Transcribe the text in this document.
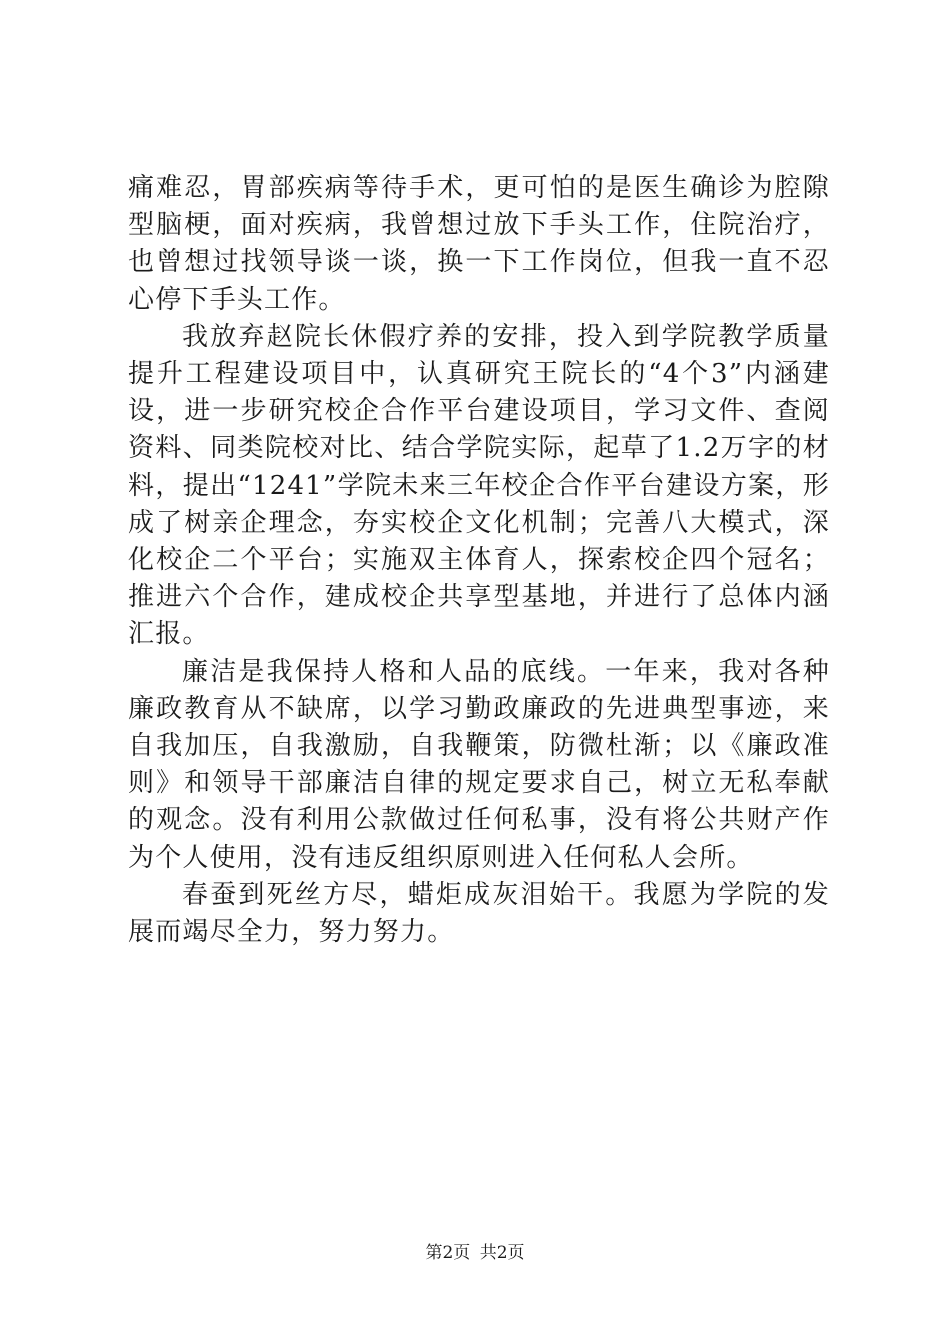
痛难忍，胃部疾病等待手术，更可怕的是医生确诊为腔隙型脑梗，面对疾病，我曾想过放下手头工作，住院治疗，也曾想过找领导谈一谈，换一下工作岗位，但我一直不忍心停下手头工作。

我放弃赵院长休假疗养的安排，投入到学院教学质量提升工程建设项目中，认真研究王院长的“4个3”内涵建设，进一步研究校企合作平台建设项目，学习文件、查阅资料、同类院校对比、结合学院实际，起草了1.2万字的材料，提出“1241”学院未来三年校企合作平台建设方案，形成了树亲企理念，夯实校企文化机制；完善八大模式，深化校企二个平台；实施双主体育人，探索校企四个冠名；推进六个合作，建成校企共享型基地，并进行了总体内涵汇报。

廉洁是我保持人格和人品的底线。一年来，我对各种廉政教育从不缺席，以学习勤政廉政的先进典型事迹，来自我加压，自我激励，自我鞭策，防微杜渐；以《廉政准则》和领导干部廉洁自律的规定要求自己，树立无私奉献的观念。没有利用公款做过任何私事，没有将公共财产作为个人使用，没有违反组织原则进入任何私人会所。

春蚕到死丝方尽，蜡炬成灰泪始干。我愿为学院的发展而竭尽全力，努力努力。

第2页 共2页
